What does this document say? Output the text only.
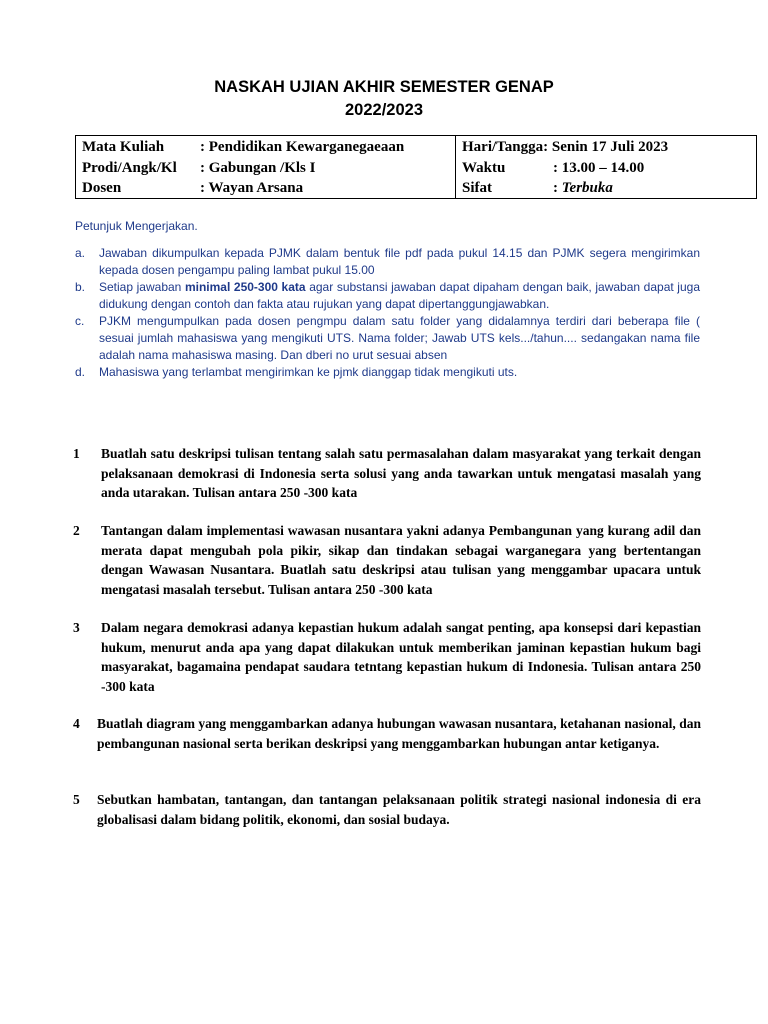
NASKAH UJIAN AKHIR SEMESTER GENAP
2022/2023
Mata Kuliah	: Pendidikan Kewarganegaeaan
Prodi/Angk/Kl	: Gabungan /Kls I
Dosen	: Wayan Arsana
Hari/Tangga:
Senin 17 Juli 2023
Waktu	: 13.00 – 14.00
Sifat	: Terbuka

Petunjuk Mengerjakan.

a.	Jawaban dikumpulkan kepada PJMK dalam bentuk file pdf pada pukul 14.15 dan PJMK segera mengirimkan kepada dosen pengampu paling lambat pukul 15.00
b.	Setiap jawaban minimal 250-300 kata agar substansi jawaban dapat dipaham dengan baik, jawaban dapat juga didukung dengan contoh dan fakta atau rujukan yang dapat dipertanggungjawabkan.
c.	PJKM mengumpulkan pada dosen pengmpu dalam satu folder yang didalamnya terdiri dari beberapa file ( sesuai jumlah mahasiswa yang mengikuti UTS. Nama folder; Jawab UTS kels.../tahun.... sedangakan nama file adalah nama mahasiswa masing. Dan dberi no urut sesuai absen
d.	Mahasiswa yang terlambat mengirimkan ke pjmk dianggap tidak mengikuti uts.
1	Buatlah satu deskripsi tulisan tentang salah satu permasalahan dalam masyarakat yang terkait dengan pelaksanaan demokrasi di Indonesia serta solusi yang anda tawarkan untuk mengatasi masalah yang anda utarakan. Tulisan antara 250 -300 kata
2	Tantangan dalam implementasi wawasan nusantara yakni adanya Pembangunan yang kurang adil dan merata dapat mengubah pola pikir, sikap dan tindakan sebagai warganegara yang bertentangan dengan Wawasan Nusantara. Buatlah satu deskripsi atau tulisan yang menggambar upacara untuk mengatasi masalah tersebut. Tulisan antara 250 -300 kata
3	Dalam negara demokrasi adanya kepastian hukum adalah sangat penting, apa konsepsi dari kepastian hukum, menurut anda apa yang dapat dilakukan untuk memberikan jaminan kepastian hukum bagi masyarakat, bagamaina pendapat saudara tetntang kepastian hukum di Indonesia. Tulisan antara 250 -300 kata
4	Buatlah diagram yang menggambarkan adanya hubungan wawasan nusantara, ketahanan nasional, dan pembangunan nasional serta berikan deskripsi yang menggambarkan hubungan antar ketiganya.
5	Sebutkan hambatan, tantangan, dan tantangan pelaksanaan politik strategi nasional indonesia di era globalisasi dalam bidang politik, ekonomi, dan sosial budaya.
